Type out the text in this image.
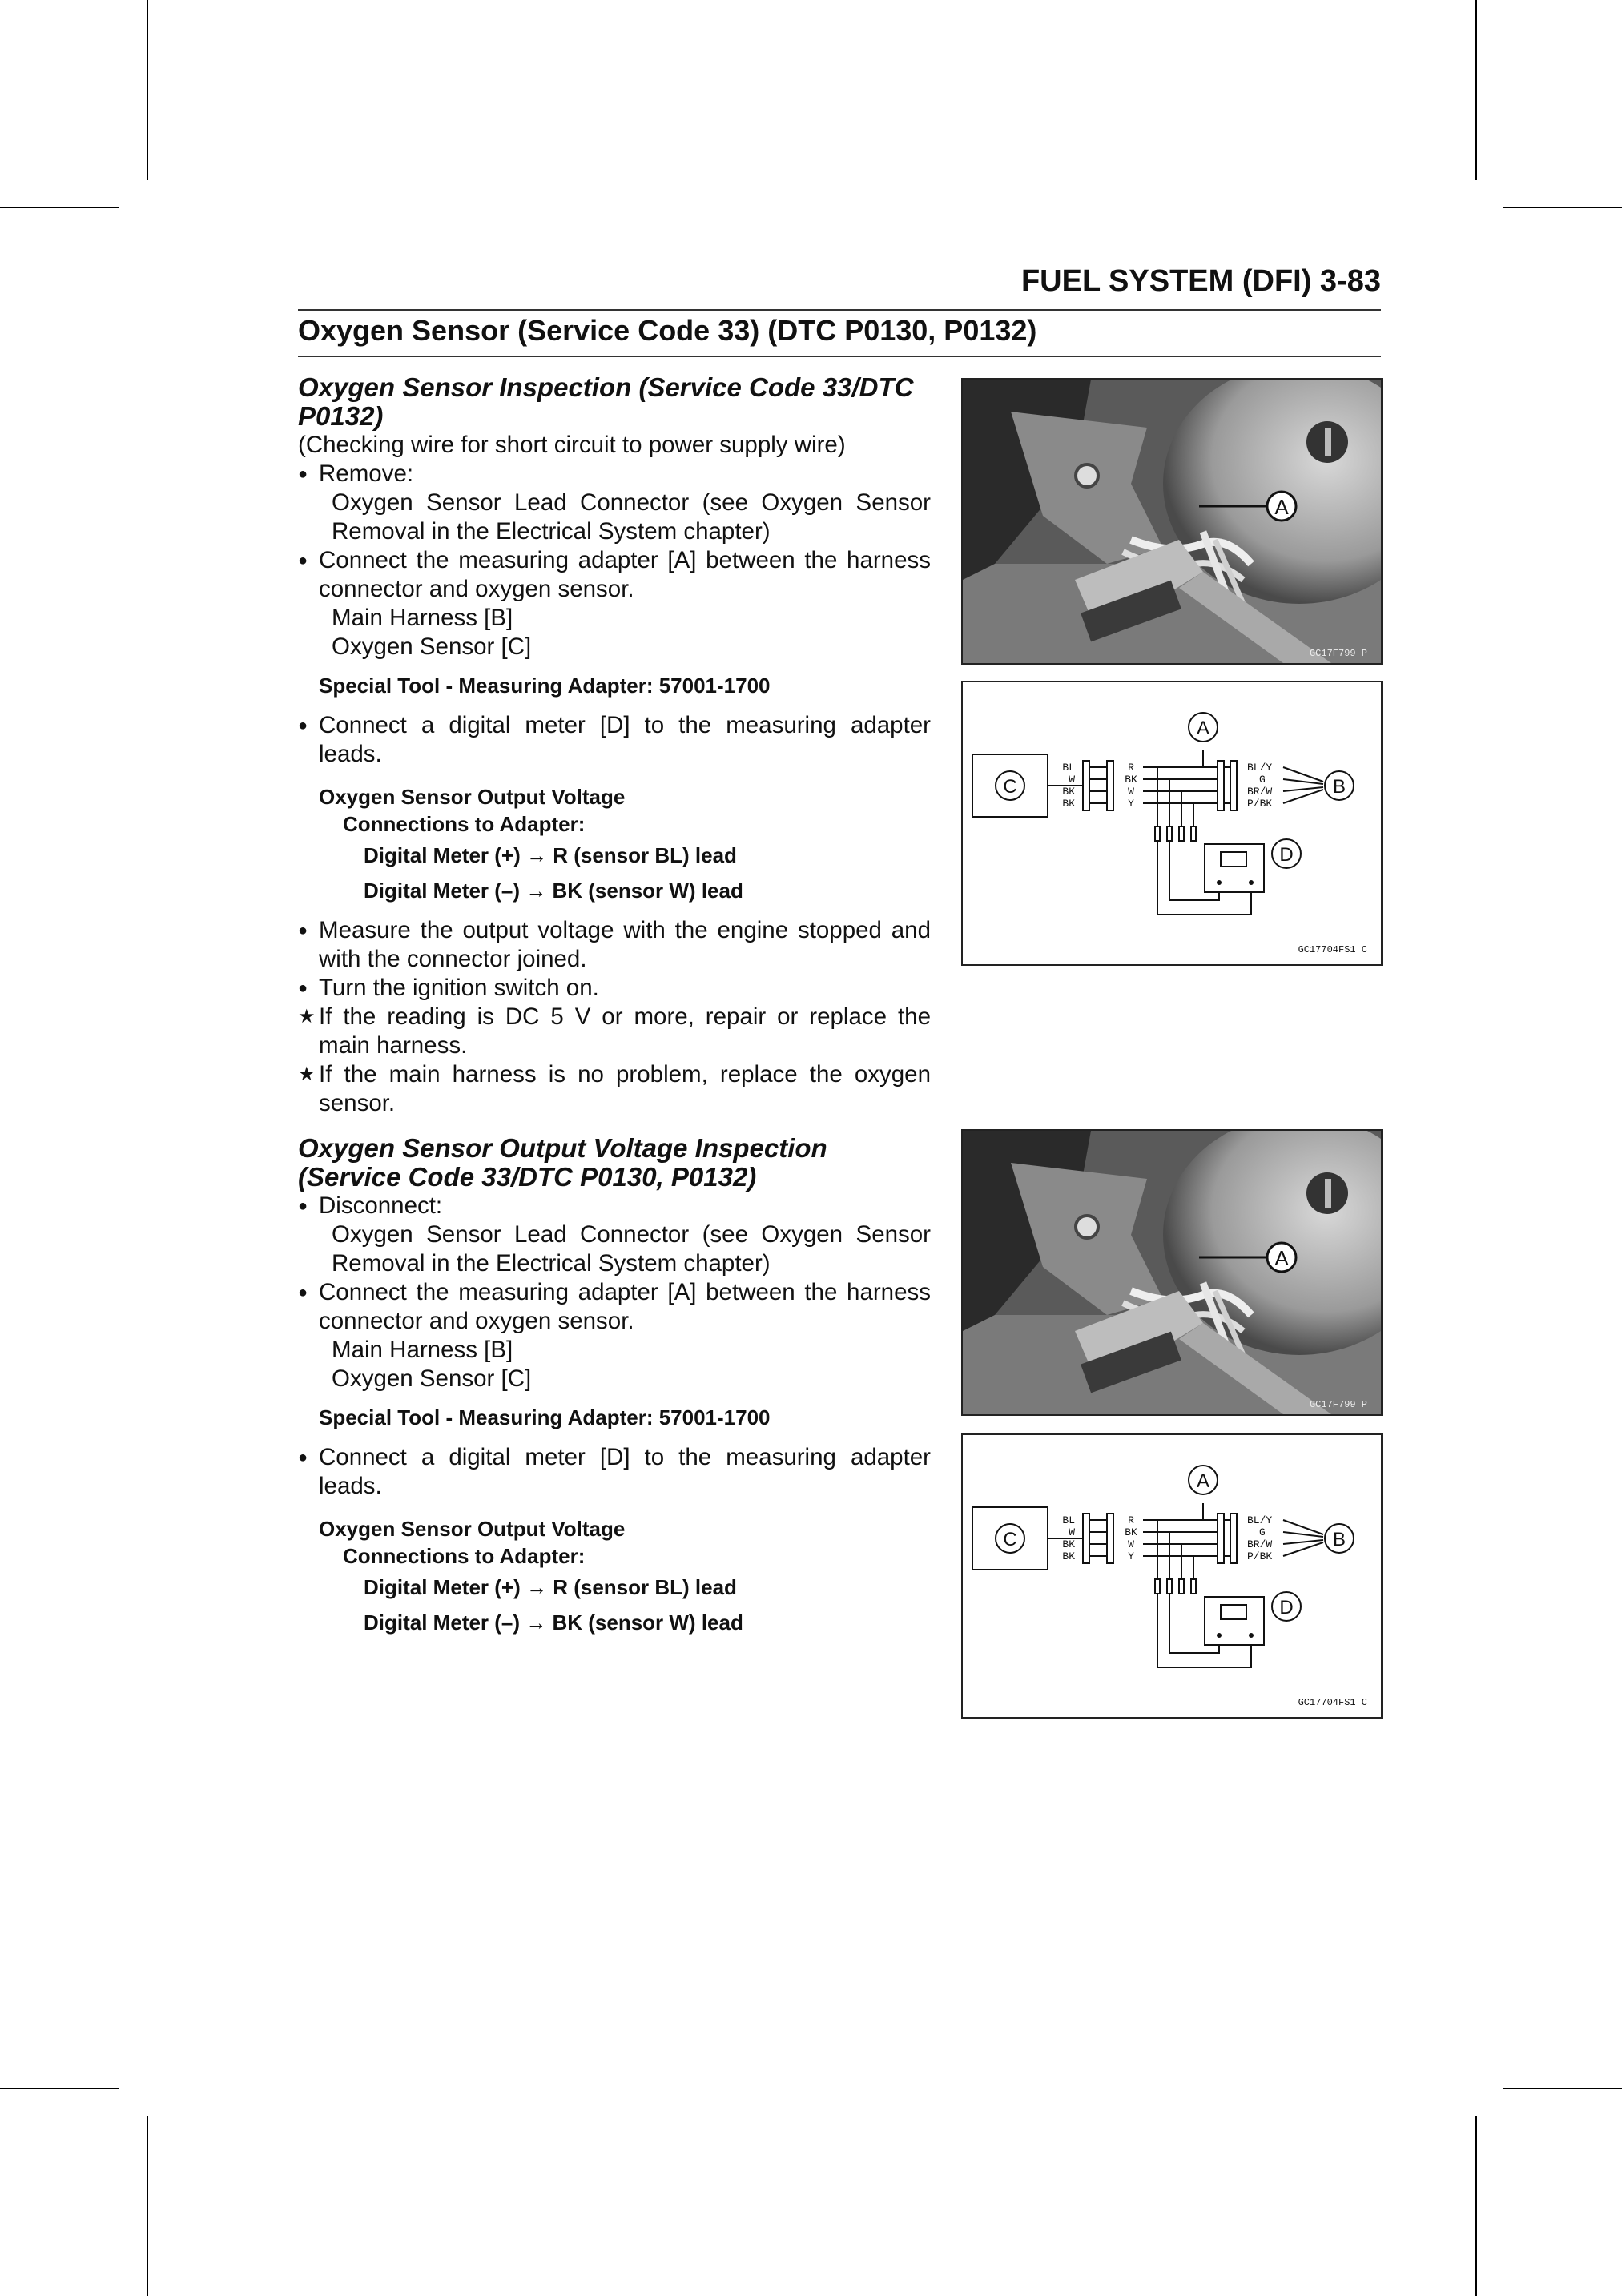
FUEL SYSTEM (DFI) 3-83
Oxygen Sensor (Service Code 33) (DTC P0130, P0132)
Oxygen Sensor Inspection (Service Code 33/DTC P0132)

(Checking wire for short circuit to power supply wire)

● Remove:

Oxygen Sensor Lead Connector (see Oxygen Sensor Removal in the Electrical System chapter)

● Connect the measuring adapter [A] between the harness connector and oxygen sensor.

Main Harness [B]

Oxygen Sensor [C]

Special Tool - Measuring Adapter: 57001-1700

● Connect a digital meter [D] to the measuring adapter leads.

Oxygen Sensor Output Voltage

Connections to Adapter:

Digital Meter (+) → R (sensor BL) lead

Digital Meter (–) → BK (sensor W) lead

● Measure the output voltage with the engine stopped and with the connector joined.

● Turn the ignition switch on.

★ If the reading is DC 5 V or more, repair or replace the main harness.

★ If the main harness is no problem, replace the oxygen sensor.

Oxygen Sensor Output Voltage Inspection (Service Code 33/DTC P0130, P0132)

● Disconnect:

Oxygen Sensor Lead Connector (see Oxygen Sensor Removal in the Electrical System chapter)

● Connect the measuring adapter [A] between the harness connector and oxygen sensor.

Main Harness [B]

Oxygen Sensor [C]

Special Tool - Measuring Adapter: 57001-1700

● Connect a digital meter [D] to the measuring adapter leads.

Oxygen Sensor Output Voltage

Connections to Adapter:

Digital Meter (+) → R (sensor BL) lead

Digital Meter (–) → BK (sensor W) lead

A
GC17F799 P
C
BL
W
BK
BK
R
BK
W
Y
A
BL/Y
G
BR/W
P/BK
B
D
GC17704FS1 C
A
GC17F799 P
C
BL
W
BK
BK
R
BK
W
Y
A
BL/Y
G
BR/W
P/BK
B
D
GC17704FS1 C
